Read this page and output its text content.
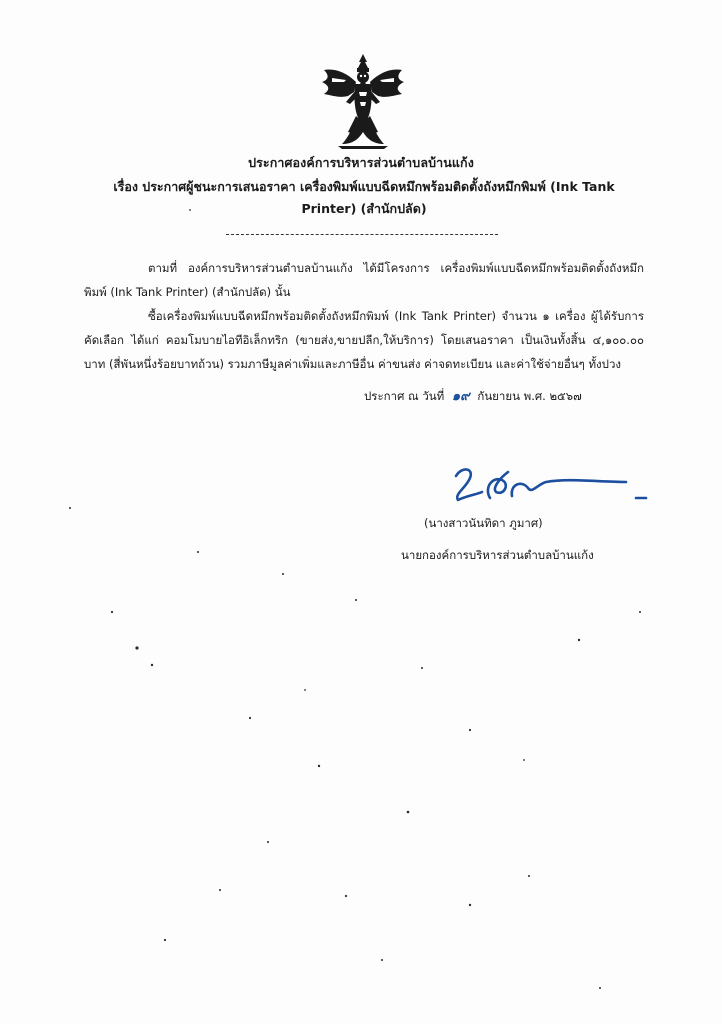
ประกาศองค์การบริหารส่วนตำบลบ้านแก้ง
เรื่อง ประกาศผู้ชนะการเสนอราคา เครื่องพิมพ์แบบฉีดหมึกพร้อมติดตั้งถังหมึกพิมพ์ (Ink Tank Printer) (สำนักปลัด)
ตามที่ องค์การบริหารส่วนตำบลบ้านแก้ง ได้มีโครงการ เครื่องพิมพ์แบบฉีดหมึกพร้อมติดตั้งถังหมึกพิมพ์ (Ink Tank Printer) (สำนักปลัด) นั้น
ซื้อเครื่องพิมพ์แบบฉีดหมึกพร้อมติดตั้งถังหมึกพิมพ์ (Ink Tank Printer) จำนวน ๑ เครื่อง ผู้ได้รับการคัดเลือก ได้แก่ คอมโมบายไอทีอิเล็กทริก (ขายส่ง,ขายปลีก,ให้บริการ) โดยเสนอราคา เป็นเงินทั้งสิ้น ๔,๑๐๐.๐๐ บาท (สี่พันหนึ่งร้อยบาทถ้วน) รวมภาษีมูลค่าเพิ่มและภาษีอื่น ค่าขนส่ง ค่าจดทะเบียน และค่าใช้จ่ายอื่นๆ ทั้งปวง
ประกาศ ณ วันที่ ๑๙ กันยายน พ.ศ. ๒๕๖๗
(นางสาวนันทิดา ภูมาศ)
นายกองค์การบริหารส่วนตำบลบ้านแก้ง
